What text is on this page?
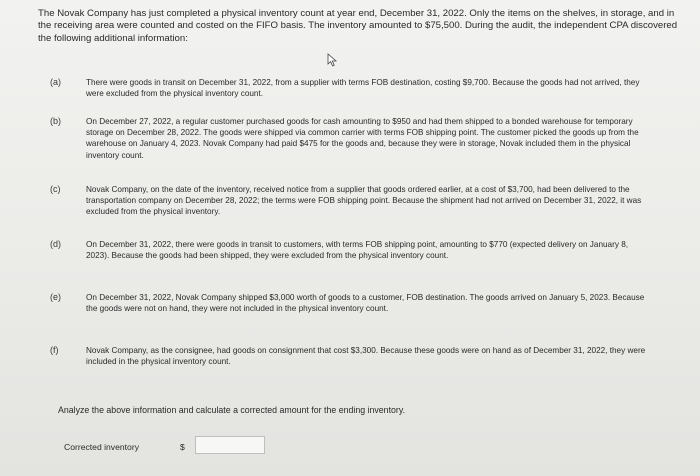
The Novak Company has just completed a physical inventory count at year end, December 31, 2022. Only the items on the shelves, in storage, and in the receiving area were counted and costed on the FIFO basis. The inventory amounted to $75,500. During the audit, the independent CPA discovered the following additional information:
(a)	There were goods in transit on December 31, 2022, from a supplier with terms FOB destination, costing $9,700. Because the goods had not arrived, they were excluded from the physical inventory count.
(b)	On December 27, 2022, a regular customer purchased goods for cash amounting to $950 and had them shipped to a bonded warehouse for temporary storage on December 28, 2022. The goods were shipped via common carrier with terms FOB shipping point. The customer picked the goods up from the warehouse on January 4, 2023. Novak Company had paid $475 for the goods and, because they were in storage, Novak included them in the physical inventory count.
(c)	Novak Company, on the date of the inventory, received notice from a supplier that goods ordered earlier, at a cost of $3,700, had been delivered to the transportation company on December 28, 2022; the terms were FOB shipping point. Because the shipment had not arrived on December 31, 2022, it was excluded from the physical inventory.
(d)	On December 31, 2022, there were goods in transit to customers, with terms FOB shipping point, amounting to $770 (expected delivery on January 8, 2023). Because the goods had been shipped, they were excluded from the physical inventory count.
(e)	On December 31, 2022, Novak Company shipped $3,000 worth of goods to a customer, FOB destination. The goods arrived on January 5, 2023. Because the goods were not on hand, they were not included in the physical inventory count.
(f)	Novak Company, as the consignee, had goods on consignment that cost $3,300. Because these goods were on hand as of December 31, 2022, they were included in the physical inventory count.
Analyze the above information and calculate a corrected amount for the ending inventory.
Corrected inventory	$
